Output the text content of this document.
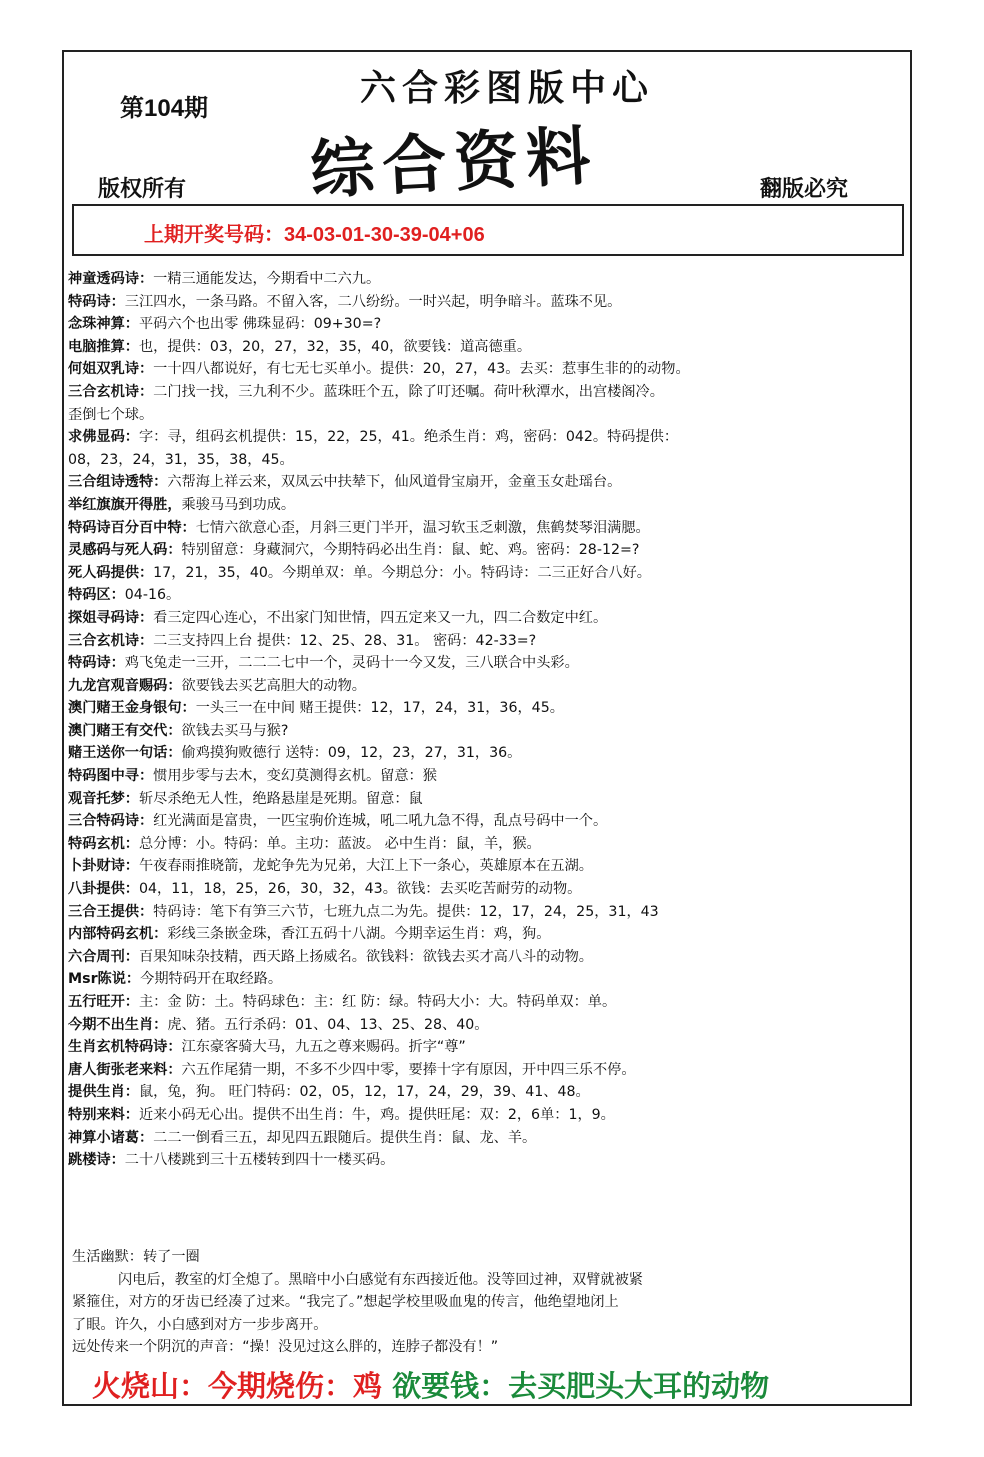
第104期	六合彩图版中心
综合资料
版权所有	翻版必究
上期开奖号码：34-03-01-30-39-04+06
神童透码诗：一精三通能发达，今期看中二六九。
特码诗：三江四水，一条马路。不留入客，二八纷纷。一时兴起，明争暗斗。蓝珠不见。
念珠神算：平码六个也出零 佛珠显码：09+30=?
电脑推算：也，提供：03，20，27，32，35，40，欲要钱：道高德重。
何姐双乳诗：一十四八都说好，有七无七买单小。提供：20，27，43。去买：惹事生非的的动物。
三合玄机诗：二门找一找，三九利不少。蓝珠旺个五，除了叮还嘱。荷叶秋潭水，出宫楼阁冷。
歪倒七个球。
求佛显码：字：寻，组码玄机提供：15，22，25，41。绝杀生肖：鸡，密码：042。特码提供：
08，23，24，31，35，38，45。
三合组诗透特：六帮海上祥云来，双凤云中扶辇下，仙风道骨宝扇开，金童玉女赴瑶台。
举红旗旗开得胜，乘骏马马到功成。
特码诗百分百中特：七情六欲意心歪，月斜三更门半开，温习软玉乏刺激，焦鹤焚琴泪满腮。
灵感码与死人码：特别留意：身藏洞穴，今期特码必出生肖：鼠、蛇、鸡。密码：28-12=?
死人码提供：17，21，35，40。今期单双：单。今期总分：小。特码诗：二三正好合八好。
特码区：04-16。
探姐寻码诗：看三定四心连心，不出家门知世情，四五定来又一九，四二合数定中红。
三合玄机诗：二三支持四上台 提供：12、25、28、31。 密码：42-33=?
特码诗：鸡飞兔走一三开，二二二七中一个，灵码十一今又发，三八联合中头彩。
九龙宫观音赐码：欲要钱去买艺高胆大的动物。
澳门赌王金身银句：一头三一在中间 赌王提供：12，17，24，31，36，45。
澳门赌王有交代：欲钱去买马与猴?
赌王送你一句话：偷鸡摸狗败德行 送特：09，12，23，27，31，36。
特码图中寻：惯用步零与去木，变幻莫测得玄机。留意：猴
观音托梦：斩尽杀绝无人性，绝路悬崖是死期。留意：鼠
三合特码诗：红光满面是富贵，一匹宝驹价连城，吼二吼九急不得，乱点号码中一个。
特码玄机：总分博：小。特码：单。主功：蓝波。 必中生肖：鼠，羊，猴。
卜卦财诗：午夜春雨推晓箭，龙蛇争先为兄弟，大江上下一条心，英雄原本在五湖。
八卦提供：04，11，18，25，26，30，32，43。欲钱：去买吃苦耐劳的动物。
三合王提供：特码诗：笔下有笋三六节，七班九点二为先。提供：12，17，24，25，31，43
内部特码玄机：彩线三条嵌金珠，香江五码十八湖。今期幸运生肖：鸡，狗。
六合周刊：百果知味杂技精，西天路上扬威名。欲钱料：欲钱去买才高八斗的动物。
Msr陈说：今期特码开在取经路。
五行旺开：主：金 防：土。特码球色：主：红 防：绿。特码大小：大。特码单双：单。
今期不出生肖：虎、猪。五行杀码：01、04、13、25、28、40。
生肖玄机特码诗：江东豪客骑大马，九五之尊来赐码。折字“尊”
唐人街张老来料：六五作尾猜一期，不多不少四中零，要捧十字有原因，开中四三乐不停。
提供生肖：鼠，兔，狗。 旺门特码：02，05，12，17，24，29，39、41、48。
特别来料：近来小码无心出。提供不出生肖：牛，鸡。提供旺尾：双：2，6单：1，9。
神算小诸葛：二二一倒看三五，却见四五跟随后。提供生肖：鼠、龙、羊。
跳楼诗：二十八楼跳到三十五楼转到四十一楼买码。
生活幽默：转了一圈
闪电后，教室的灯全熄了。黑暗中小白感觉有东西接近他。没等回过神，双臂就被紧
紧箍住，对方的牙齿已经凑了过来。“我完了。”想起学校里吸血鬼的传言，他绝望地闭上
了眼。许久，小白感到对方一步步离开。
远处传来一个阴沉的声音：“操！没见过这么胖的，连脖子都没有！”
火烧山：今期烧伤：鸡 欲要钱：去买肥头大耳的动物
